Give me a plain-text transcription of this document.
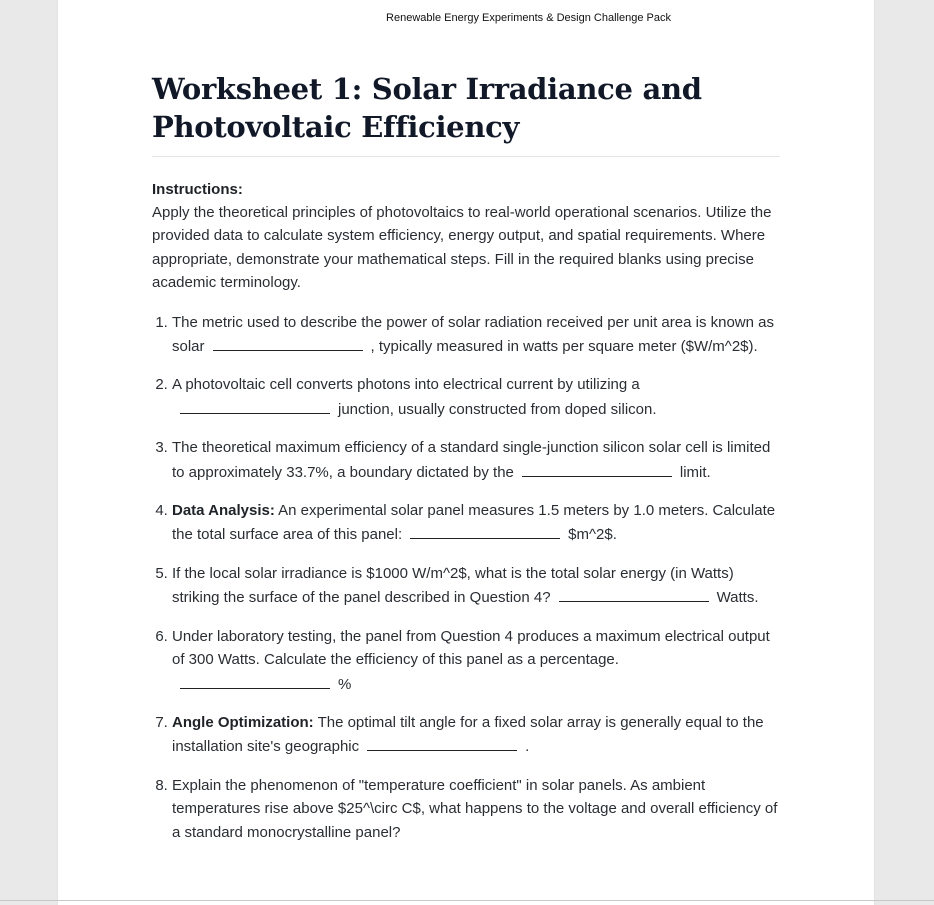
Renewable Energy Experiments & Design Challenge Pack
Worksheet 1: Solar Irradiance and Photovoltaic Efficiency
Instructions:
Apply the theoretical principles of photovoltaics to real-world operational scenarios. Utilize the provided data to calculate system efficiency, energy output, and spatial requirements. Where appropriate, demonstrate your mathematical steps. Fill in the required blanks using precise academic terminology.
1. The metric used to describe the power of solar radiation received per unit area is known as solar	, typically measured in watts per square meter ($W/m^2$).
2. A photovoltaic cell converts photons into electrical current by utilizing a junction, usually constructed from doped silicon.
3. The theoretical maximum efficiency of a standard single-junction silicon solar cell is limited to approximately 33.7%, a boundary dictated by the	limit.
4. Data Analysis: An experimental solar panel measures 1.5 meters by 1.0 meters. Calculate the total surface area of this panel:	$m^2$.
5. If the local solar irradiance is $1000 W/m^2$, what is the total solar energy (in Watts) striking the surface of the panel described in Question 4?	Watts.
6. Under laboratory testing, the panel from Question 4 produces a maximum electrical output of 300 Watts. Calculate the efficiency of this panel as a percentage. %
7. Angle Optimization: The optimal tilt angle for a fixed solar array is generally equal to the installation site's geographic	.
8. Explain the phenomenon of "temperature coefficient" in solar panels. As ambient temperatures rise above $25^\circ C$, what happens to the voltage and overall efficiency of a standard monocrystalline panel?
